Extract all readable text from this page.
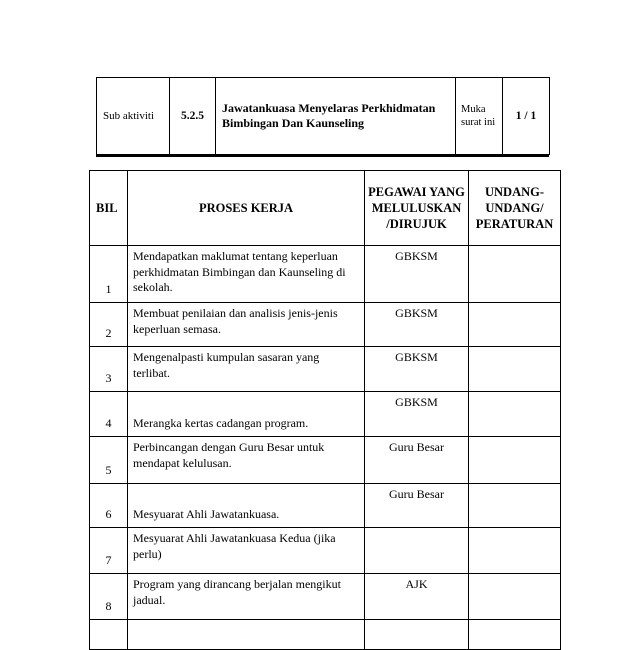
Sub aktiviti	5.2.5	Jawatankuasa Menyelaras Perkhidmatan Bimbingan Dan Kaunseling	Muka surat ini	1 / 1
BIL	PROSES KERJA	PEGAWAI YANG MELULUSKAN /DIRUJUK	UNDANG-UNDANG/ PERATURAN
1	Mendapatkan maklumat tentang keperluan perkhidmatan Bimbingan dan Kaunseling di sekolah.	GBKSM	
2	Membuat penilaian dan analisis jenis-jenis keperluan semasa.	GBKSM	
3	Mengenalpasti kumpulan sasaran yang terlibat.	GBKSM	
4	Merangka kertas cadangan program.	GBKSM	
5	Perbincangan dengan Guru Besar untuk mendapat kelulusan.	Guru Besar	
6	Mesyuarat Ahli Jawatankuasa.	Guru Besar	
7	Mesyuarat Ahli Jawatankuasa Kedua (jika perlu)		
8	Program yang dirancang berjalan mengikut jadual.	AJK	
